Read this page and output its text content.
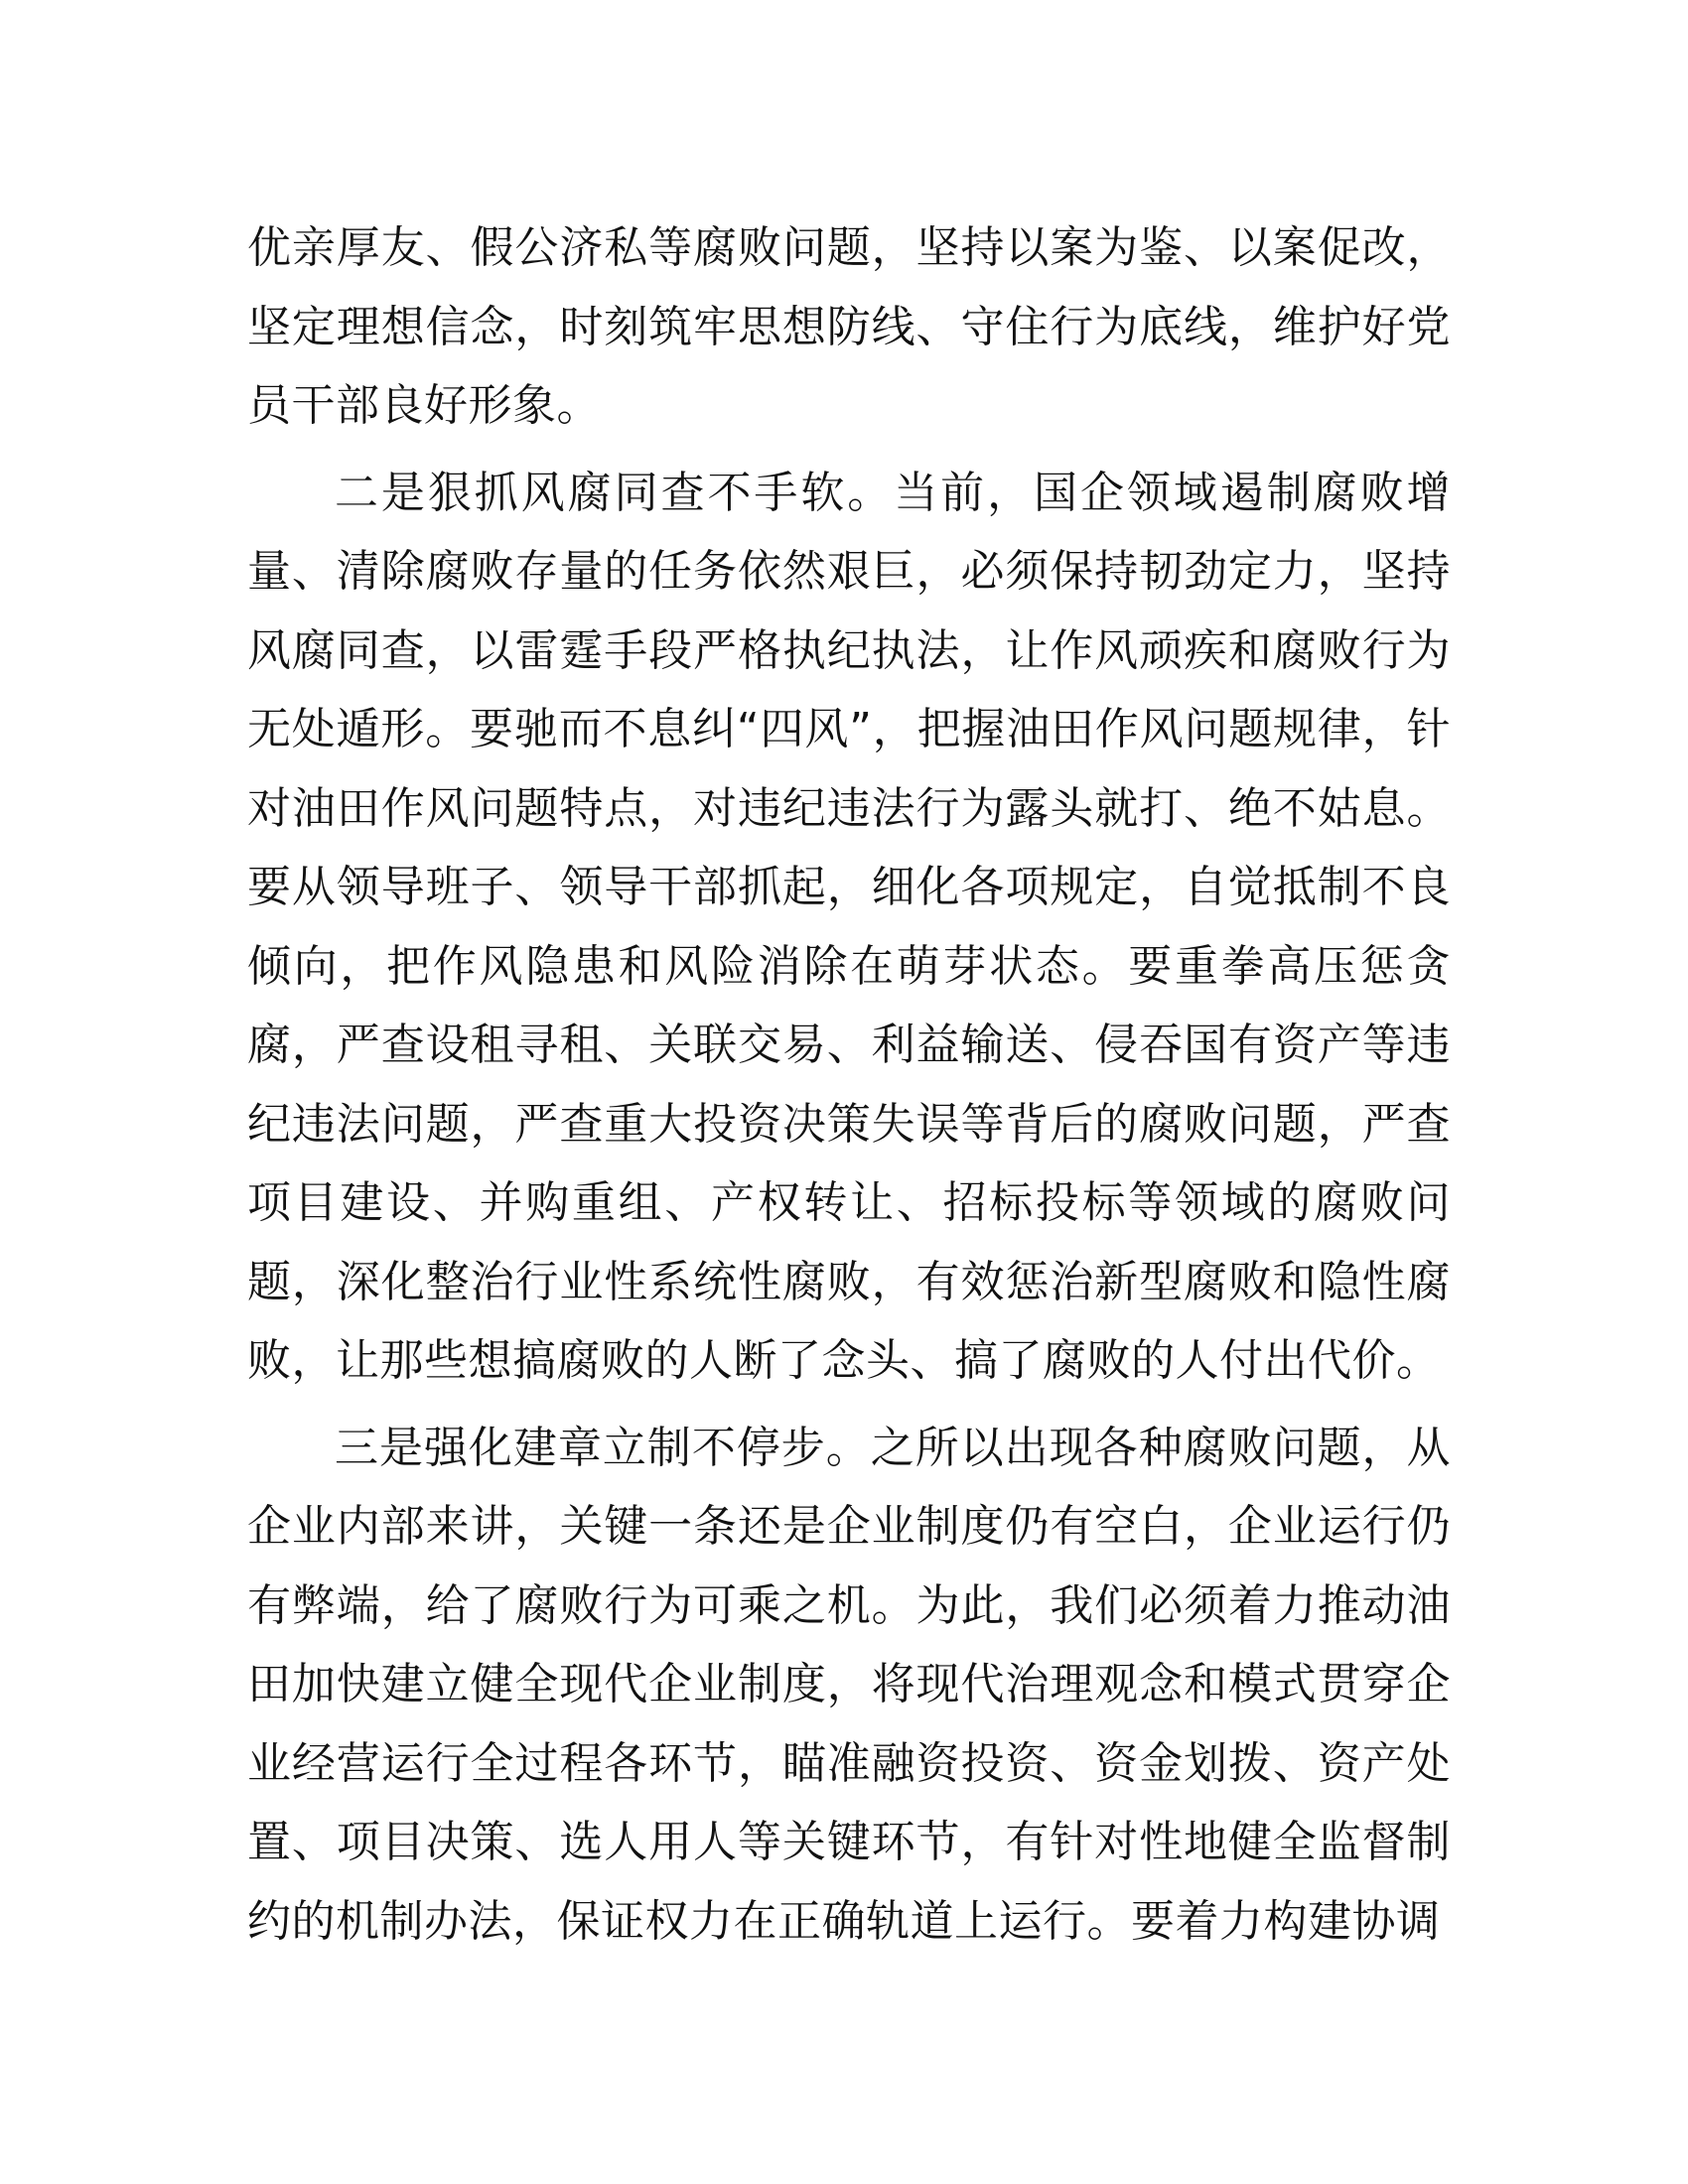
优亲厚友、假公济私等腐败问题，坚持以案为鉴、以案促改，坚定理想信念，时刻筑牢思想防线、守住行为底线，维护好党员干部良好形象。

二是狠抓风腐同查不手软。当前，国企领域遏制腐败增量、清除腐败存量的任务依然艰巨，必须保持韧劲定力，坚持风腐同查，以雷霆手段严格执纪执法，让作风顽疾和腐败行为无处遁形。要驰而不息纠“四风”，把握油田作风问题规律，针对油田作风问题特点，对违纪违法行为露头就打、绝不姑息。要从领导班子、领导干部抓起，细化各项规定，自觉抵制不良倾向，把作风隐患和风险消除在萌芽状态。要重拳高压惩贪腐，严查设租寻租、关联交易、利益输送、侵吞国有资产等违纪违法问题，严查重大投资决策失误等背后的腐败问题，严查项目建设、并购重组、产权转让、招标投标等领域的腐败问题，深化整治行业性系统性腐败，有效惩治新型腐败和隐性腐败，让那些想搞腐败的人断了念头、搞了腐败的人付出代价。

三是强化建章立制不停步。之所以出现各种腐败问题，从企业内部来讲，关键一条还是企业制度仍有空白，企业运行仍有弊端，给了腐败行为可乘之机。为此，我们必须着力推动油田加快建立健全现代企业制度，将现代治理观念和模式贯穿企业经营运行全过程各环节，瞄准融资投资、资金划拨、资产处置、项目决策、选人用人等关键环节，有针对性地健全监督制约的机制办法，保证权力在正确轨道上运行。要着力构建协调
